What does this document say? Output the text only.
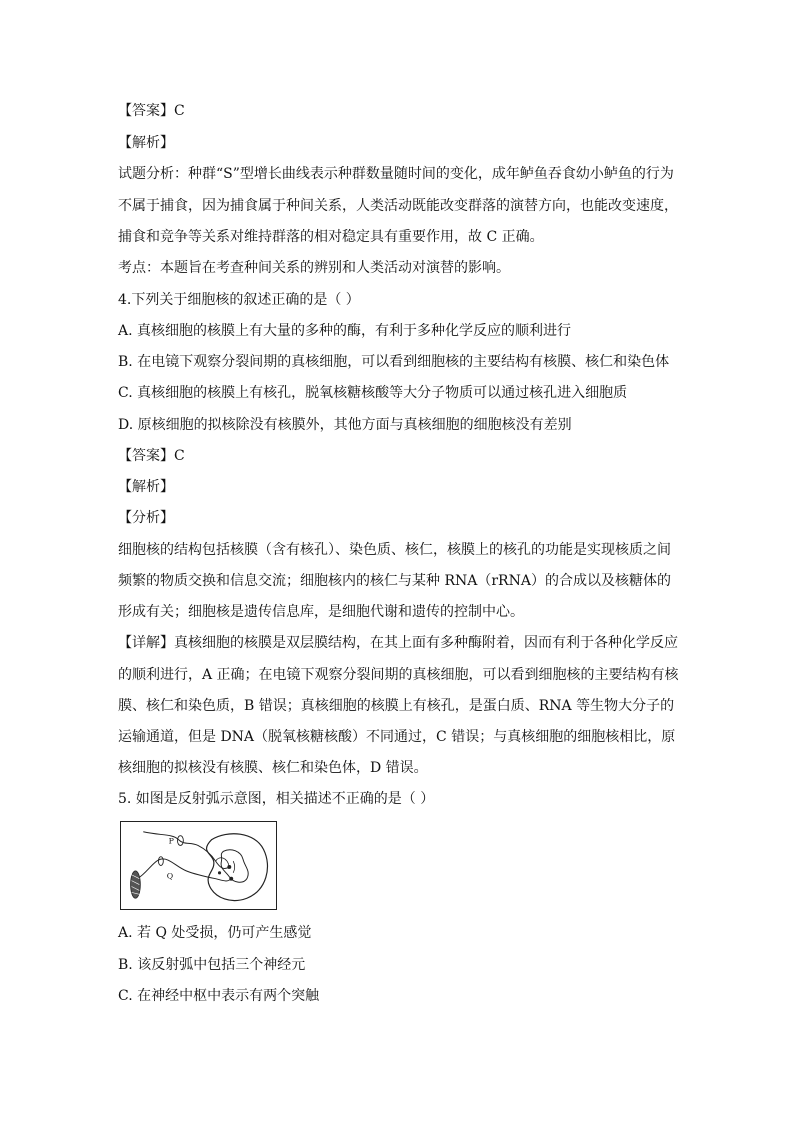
【答案】C
【解析】
试题分析：种群“S”型增长曲线表示种群数量随时间的变化，成年鲈鱼吞食幼小鲈鱼的行为
不属于捕食，因为捕食属于种间关系，人类活动既能改变群落的演替方向，也能改变速度，
捕食和竞争等关系对维持群落的相对稳定具有重要作用，故 C 正确。
考点：本题旨在考查种间关系的辨别和人类活动对演替的影响。
4.下列关于细胞核的叙述正确的是（ ）
A. 真核细胞的核膜上有大量的多种的酶，有利于多种化学反应的顺利进行
B. 在电镜下观察分裂间期的真核细胞，可以看到细胞核的主要结构有核膜、核仁和染色体
C. 真核细胞的核膜上有核孔，脱氧核糖核酸等大分子物质可以通过核孔进入细胞质
D. 原核细胞的拟核除没有核膜外，其他方面与真核细胞的细胞核没有差别
【答案】C
【解析】
【分析】
细胞核的结构包括核膜（含有核孔）、染色质、核仁，核膜上的核孔的功能是实现核质之间
频繁的物质交换和信息交流；细胞核内的核仁与某种 RNA（rRNA）的合成以及核糖体的
形成有关；细胞核是遗传信息库，是细胞代谢和遗传的控制中心。
【详解】真核细胞的核膜是双层膜结构，在其上面有多种酶附着，因而有利于各种化学反应
的顺利进行，A 正确；在电镜下观察分裂间期的真核细胞，可以看到细胞核的主要结构有核
膜、核仁和染色质，B 错误；真核细胞的核膜上有核孔，是蛋白质、RNA 等生物大分子的
运输通道，但是 DNA（脱氧核糖核酸）不同通过，C 错误；与真核细胞的细胞核相比，原
核细胞的拟核没有核膜、核仁和染色体，D 错误。
5. 如图是反射弧示意图，相关描述不正确的是（ ）
P
Q
A. 若 Q 处受损，仍可产生感觉
B. 该反射弧中包括三个神经元
C. 在神经中枢中表示有两个突触
